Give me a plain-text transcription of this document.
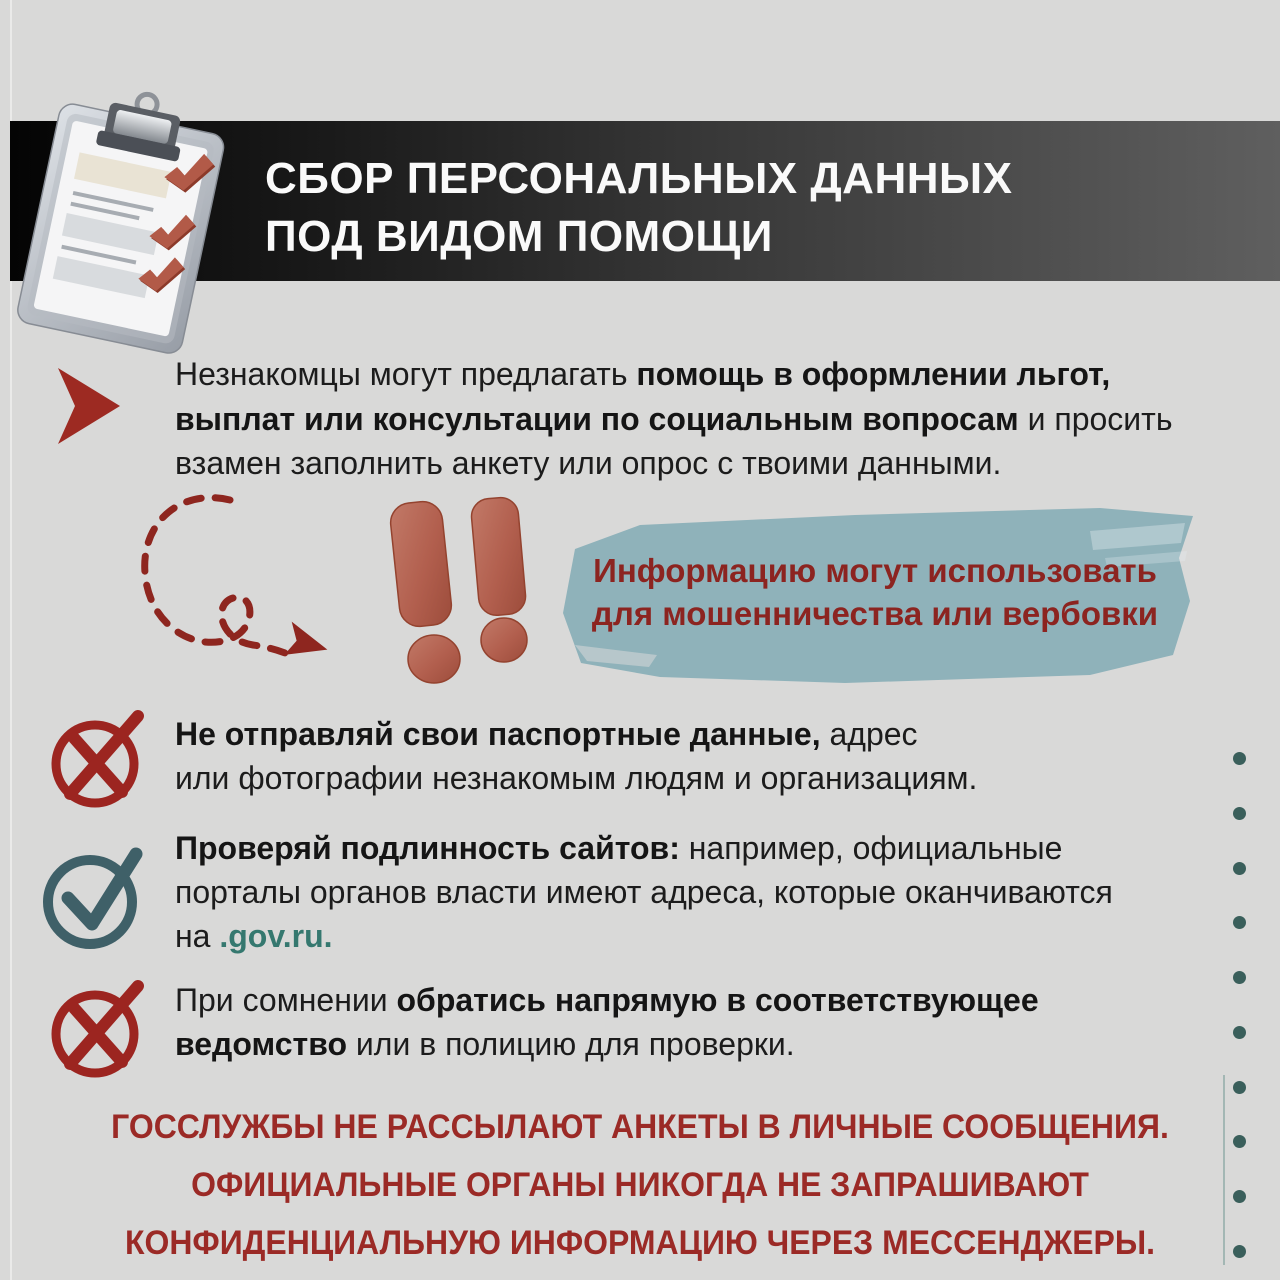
СБОР ПЕРСОНАЛЬНЫХ ДАННЫХ
ПОД ВИДОМ ПОМОЩИ
Незнакомцы могут предлагать помощь в оформлении льгот,
выплат или консультации по социальным вопросам и просить
взамен заполнить анкету или опрос с твоими данными.
Информацию могут использовать
для мошенничества или вербовки
Не отправляй свои паспортные данные, адрес
или фотографии незнакомым людям и организациям.
Проверяй подлинность сайтов: например, официальные
порталы органов власти имеют адреса, которые оканчиваются
на .gov.ru.
При сомнении обратись напрямую в соответствующее
ведомство или в полицию для проверки.
ГОССЛУЖБЫ НЕ РАССЫЛАЮТ АНКЕТЫ В ЛИЧНЫЕ СООБЩЕНИЯ.
ОФИЦИАЛЬНЫЕ ОРГАНЫ НИКОГДА НЕ ЗАПРАШИВАЮТ
КОНФИДЕНЦИАЛЬНУЮ ИНФОРМАЦИЮ ЧЕРЕЗ МЕССЕНДЖЕРЫ.
